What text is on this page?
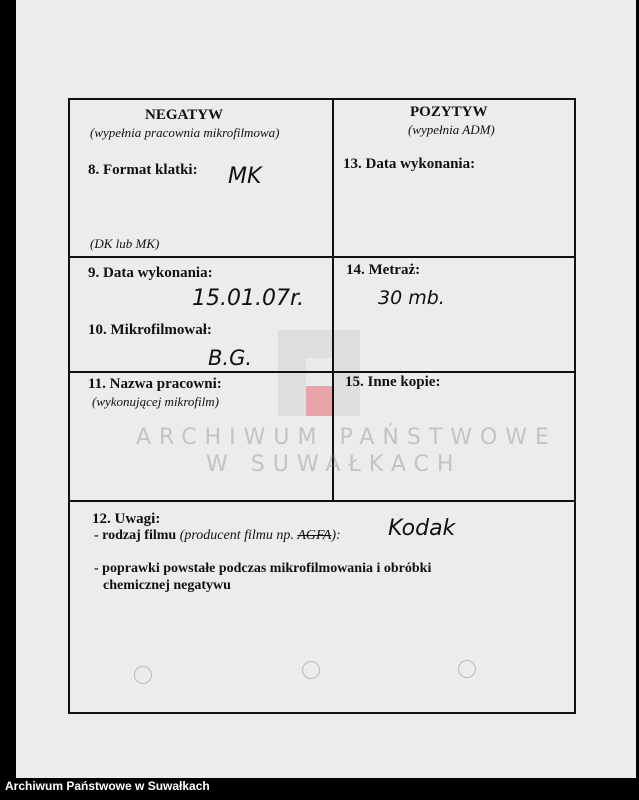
NEGATYW
(wypełnia pracownia mikrofilmowa)
8. Format klatki: MK
(DK lub MK)
POZYTYW
(wypełnia ADM)
13. Data wykonania:
9. Data wykonania:
15.01.07r.
14. Metraż:
30 mb.
10. Mikrofilmował:
B.G.
11. Nazwa pracowni:
(wykonującej mikrofilm)
15. Inne kopie:
12. Uwagi:
- rodzaj filmu (producent filmu np. AGFA): Kodak
- poprawki powstałe podczas mikrofilmowania i obróbki
chemicznej negatywu
ARCHIWUM PAŃSTWOWE
W SUWAŁKACH
Archiwum Państwowe w Suwałkach
